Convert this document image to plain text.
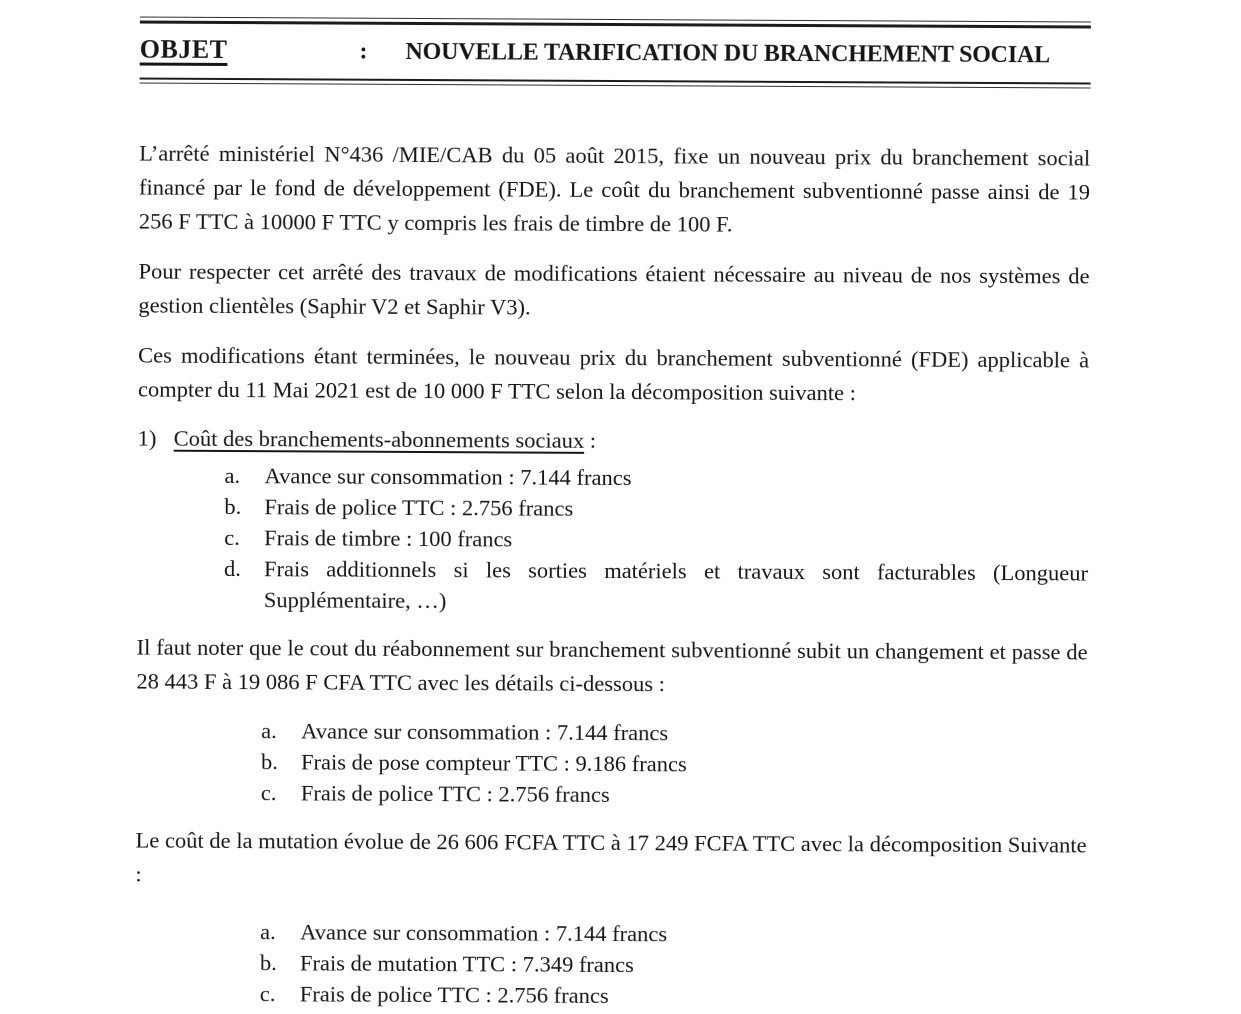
OBJET	: NOUVELLE TARIFICATION DU BRANCHEMENT SOCIAL

L’arrêté ministériel N°436 /MIE/CAB du 05 août 2015, fixe un nouveau prix du branchement social financé par le fond de développement (FDE). Le coût du branchement subventionné passe ainsi de 19 256 F TTC à 10000 F TTC y compris les frais de timbre de 100 F.

Pour respecter cet arrêté des travaux de modifications étaient nécessaire au niveau de nos systèmes de gestion clientèles (Saphir V2 et Saphir V3).

Ces modifications étant terminées, le nouveau prix du branchement subventionné (FDE) applicable à compter du 11 Mai 2021 est de 10 000 F TTC selon la décomposition suivante :

1) Coût des branchements-abonnements sociaux :
a.	Avance sur consommation : 7.144 francs
b.	Frais de police TTC : 2.756 francs
c.	Frais de timbre : 100 francs
d.	Frais additionnels si les sorties matériels et travaux sont facturables (Longueur Supplémentaire, …)

Il faut noter que le cout du réabonnement sur branchement subventionné subit un changement et passe de 28 443 F à 19 086 F CFA TTC avec les détails ci-dessous :

a.	Avance sur consommation : 7.144 francs
b.	Frais de pose compteur TTC : 9.186 francs
c.	Frais de police TTC : 2.756 francs

Le coût de la mutation évolue de 26 606 FCFA TTC à 17 249 FCFA TTC avec la décomposition Suivante :

a.	Avance sur consommation : 7.144 francs
b.	Frais de mutation TTC : 7.349 francs
c.	Frais de police TTC : 2.756 francs
